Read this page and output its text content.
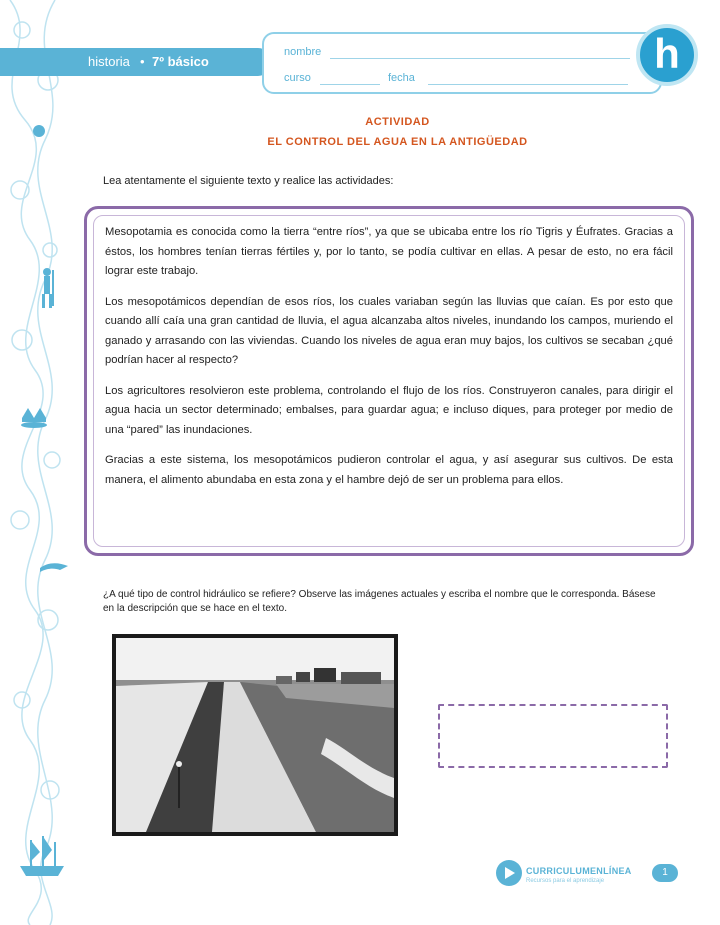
historia • 7º básico
nombre
curso	fecha
h
ACTIVIDAD
EL CONTROL DEL AGUA EN LA ANTIGÜEDAD
Lea atentamente el siguiente texto y realice las actividades:

Mesopotamia es conocida como la tierra “entre ríos”, ya que se ubicaba entre los río Tigris y Éufrates. Gracias a éstos, los hombres tenían tierras fértiles y, por lo tanto, se podía cultivar en ellas. A pesar de esto, no era fácil lograr este trabajo.

Los mesopotámicos dependían de esos ríos, los cuales variaban según las lluvias que caían. Es por esto que cuando allí caía una gran cantidad de lluvia, el agua alcanzaba altos niveles, inundando los campos, muriendo el ganado y arrasando con las viviendas. Cuando los niveles de agua eran muy bajos, los cultivos se secaban ¿qué podrían hacer al respecto?

Los agricultores resolvieron este problema, controlando el flujo de los ríos. Construyeron canales, para dirigir el agua hacia un sector determinado; embalses, para guardar agua; e incluso diques, para proteger por medio de una “pared” las inundaciones.

Gracias a este sistema, los mesopotámicos pudieron controlar el agua, y así asegurar sus cultivos. De esta manera, el alimento abundaba en esta zona y el hambre dejó de ser un problema para ellos.

¿A qué tipo de control hidráulico se refiere? Observe las imágenes actuales y escriba el nombre que le corresponda. Básese en la descripción que se hace en el texto.
CURRICULUMENLÍNEA
Recursos para el aprendizaje
1
